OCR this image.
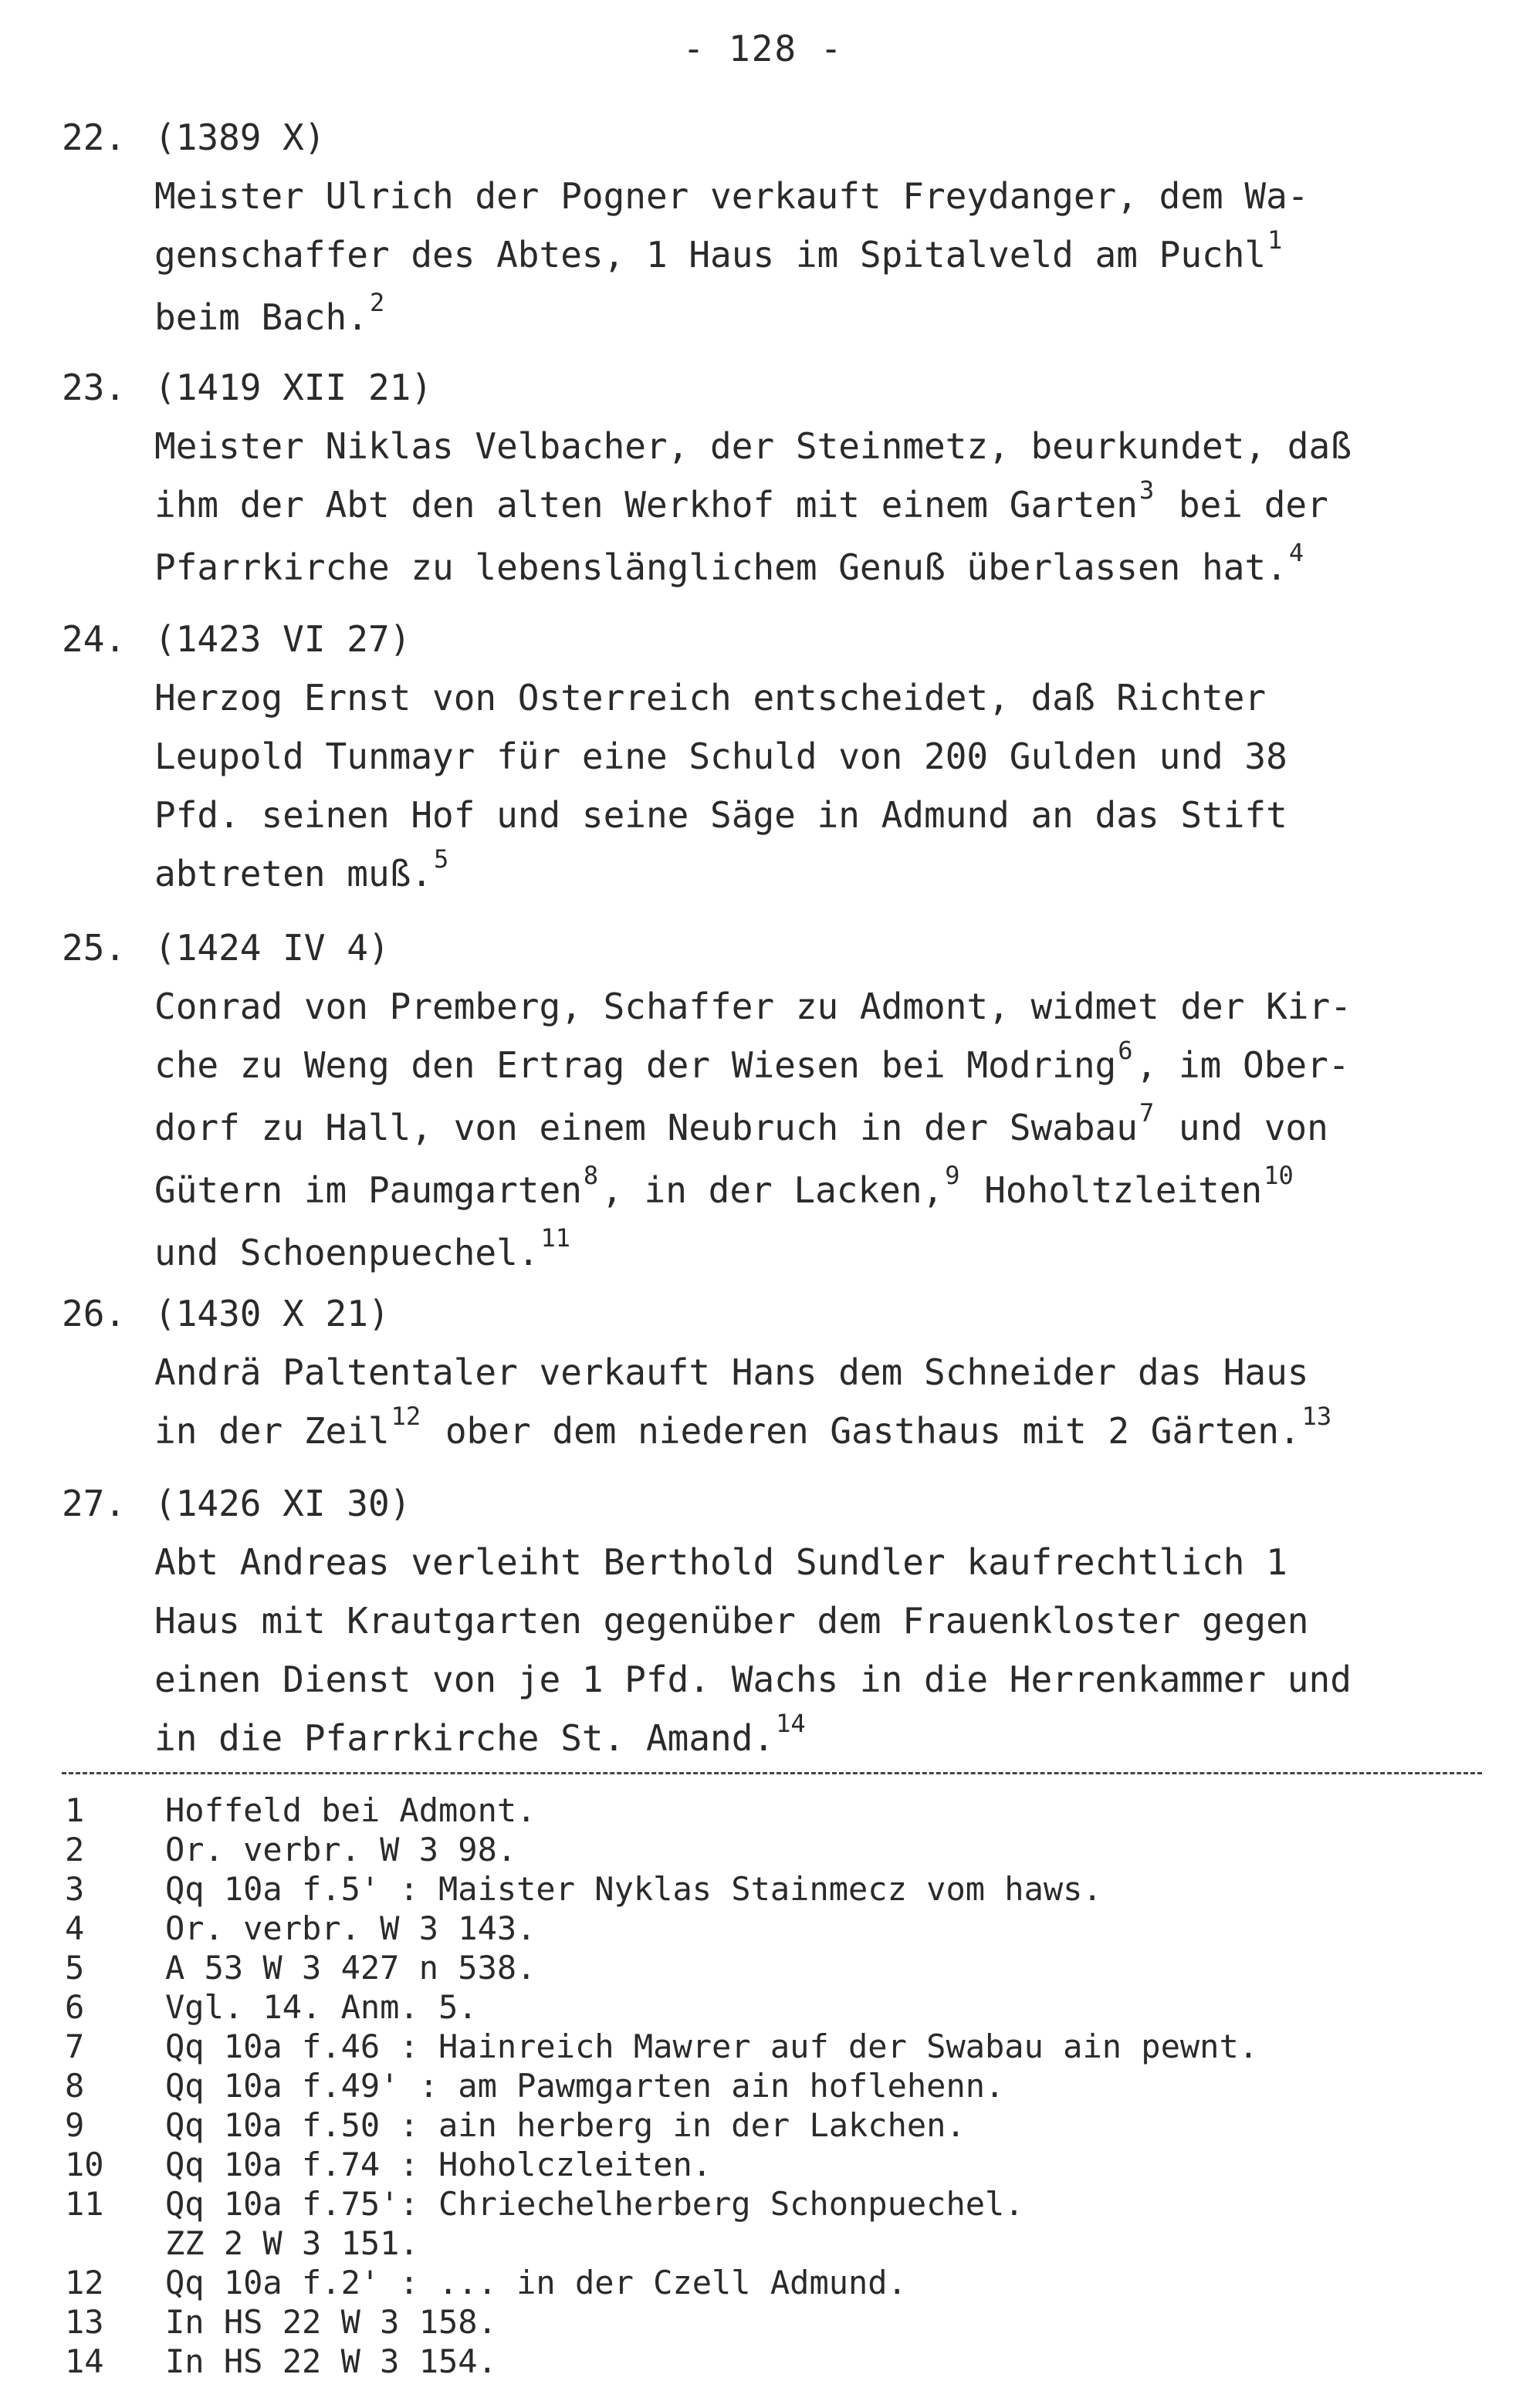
- 128 -
22. (1389 X)
Meister Ulrich der Pogner verkauft Freydanger, dem Wa-
genschaffer des Abtes, 1 Haus im Spitalveld am Puchl$^1$
beim Bach.$^2$
23. (1419 XII 21)
Meister Niklas Velbacher, der Steinmetz, beurkundet, daß
ihm der Abt den alten Werkhof mit einem Garten$^3$ bei der
Pfarrkirche zu lebenslänglichem Genuß überlassen hat.$^4$
24. (1423 VI 27)
Herzog Ernst von Osterreich entscheidet, daß Richter
Leupold Tunmayr für eine Schuld von 200 Gulden und 38
Pfd. seinen Hof und seine Säge in Admund an das Stift
abtreten muß.$^5$
25. (1424 IV 4)
Conrad von Premberg, Schaffer zu Admont, widmet der Kir-
che zu Weng den Ertrag der Wiesen bei Modring$^6$, im Ober-
dorf zu Hall, von einem Neubruch in der Swabau$^7$ und von
Gütern im Paumgarten$^8$, in der Lacken,$^9$ Hoholtzleiten$^{10}$
und Schoenpuechel.$^{11}$
26. (1430 X 21)
Andrä Paltentaler verkauft Hans dem Schneider das Haus
in der Zeil$^{12}$ ober dem niederen Gasthaus mit 2 Gärten.$^{13}$
27. (1426 XI 30)
Abt Andreas verleiht Berthold Sundler kaufrechtlich 1
Haus mit Krautgarten gegenüber dem Frauenkloster gegen
einen Dienst von je 1 Pfd. Wachs in die Herrenkammer und
in die Pfarrkirche St. Amand.$^{14}$
1 Hoffeld bei Admont.
2 Or. verbr. W 3 98.
3 Qq 10a f.5' : Maister Nyklas Stainmecz vom haws.
4 Or. verbr. W 3 143.
5 A 53 W 3 427 n 538.
6 Vgl. 14. Anm. 5.
7 Qq 10a f.46 : Hainreich Mawrer auf der Swabau ain pewnt.
8 Qq 10a f.49' : am Pawmgarten ain hoflehenn.
9 Qq 10a f.50 : ain herberg in der Lakchen.
10 Qq 10a f.74 : Hoholczleiten.
11 Qq 10a f.75': Chriechelherberg Schonpuechel.
ZZ 2 W 3 151.
12 Qq 10a f.2' : ... in der Czell Admund.
13 In HS 22 W 3 158.
14 In HS 22 W 3 154.
